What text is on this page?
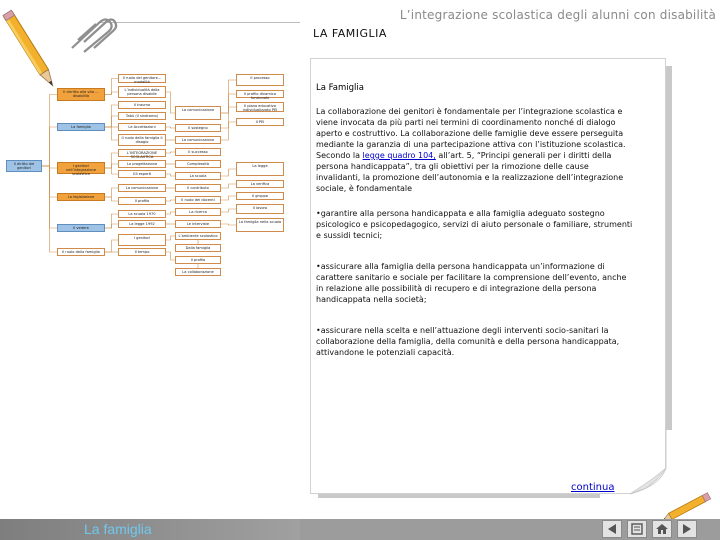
L’integrazione scolastica degli alunni con disabilità
LA FAMIGLIA
Il ruolo del genitore... modalità
Il dirritto alla vita ... disabilità
L’individualità della persona disabile
Il trauma
Tabù (il sindromo)
La famiglia	Le Accettazioni
Il ruolo della famiglia il disagio
L’INTEGRAZIONE SCOLASTICA
I genitori nell’integrazione scolastica
La progettazione
Gli esperti
La legislazione
La comunicazione
Il profilo
Il vedere
La scuola 1970
La legge 1992
Il ruolo della famiglia
Il diritto dei genitori
La comunicazione
Il sostegno
La comunicazione
Il successo
Complessità
La scuola
Il contributo
Il ruolo dei docenti
La ricerca
Le interviste
L’ambiente scolastico
Dalla famiglia
Il profilo
Il processo
Il profilo dinamico funzionale
Il piano educativo individualizzato PEI
Il PEI
La legge
La verifica
Il gruppo
Il lavoro
La famiglia nella scuola
I genitori
La collaborazione
Il tempo
La Famiglia

La collaborazione dei genitori è fondamentale per l’integrazione scolastica e viene invocata da più parti nei termini di coordinamento nonché di dialogo aperto e costruttivo. La collaborazione delle famiglie deve essere perseguita mediante la garanzia di una partecipazione attiva con l’istituzione scolastica.
Secondo la legge quadro 104, all’art. 5, “Principi generali per i diritti della persona handicappata”, tra gli obiettivi per la rimozione delle cause invalidanti, la promozione dell’autonomia e la realizzazione dell’integrazione sociale, è fondamentale

•garantire alla persona handicappata e alla famiglia adeguato sostegno psicologico e psicopedagogico, servizi di aiuto personale o familiare, strumenti e sussidi tecnici;

•assicurare alla famiglia della persona handicappata un’informazione di carattere sanitario e sociale per facilitare la comprensione dell’evento, anche in relazione alle possibilità di recupero e di integrazione della persona handicappata nella società;

•assicurare nella scelta e nell’attuazione degli interventi socio-sanitari la collaborazione della famiglia, della comunità e della persona handicappata, attivandone le potenziali capacità.

continua
La famiglia
